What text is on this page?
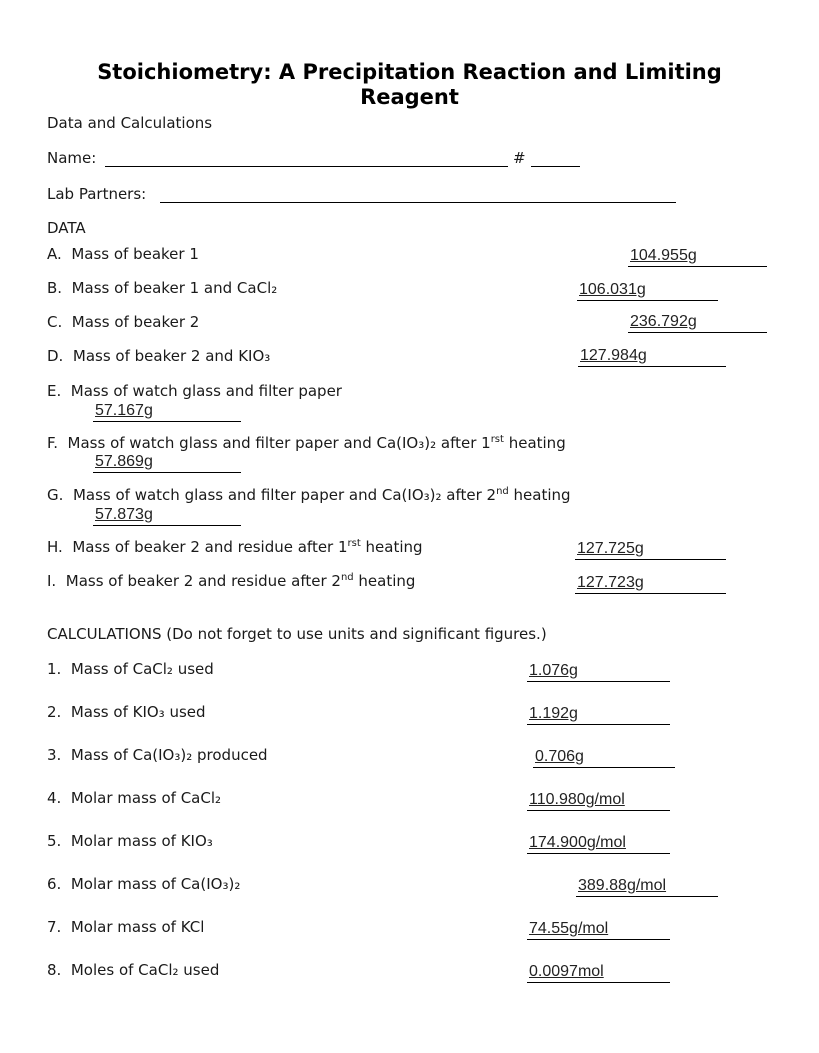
Stoichiometry: A Precipitation Reaction and Limiting
Reagent
Data and Calculations
Name:	#
Lab Partners:
DATA
A. Mass of beaker 1	104.955g
B. Mass of beaker 1 and CaCl₂	106.031g
C. Mass of beaker 2	236.792g
D. Mass of beaker 2 and KIO₃	127.984g
E. Mass of watch glass and filter paper
57.167g
F. Mass of watch glass and filter paper and Ca(IO₃)₂ after $1^{rst}$ heating
57.869g
G. Mass of watch glass and filter paper and Ca(IO₃)₂ after 2nd heating
57.873g
H. Mass of beaker 2 and residue after $1^{rst}$ heating	127.725g
I. Mass of beaker 2 and residue after 2nd heating	127.723g
CALCULATIONS (Do not forget to use units and significant figures.)
1. Mass of CaCl₂ used	1.076g
2. Mass of KIO₃ used	1.192g
3. Mass of Ca(IO₃)₂ produced	0.706g
4. Molar mass of CaCl₂	110.980g/mol
5. Molar mass of KIO₃	174.900g/mol
6. Molar mass of Ca(IO₃)₂	389.88g/mol
7. Molar mass of KCl	74.55g/mol
8. Moles of CaCl₂ used	0.0097mol
